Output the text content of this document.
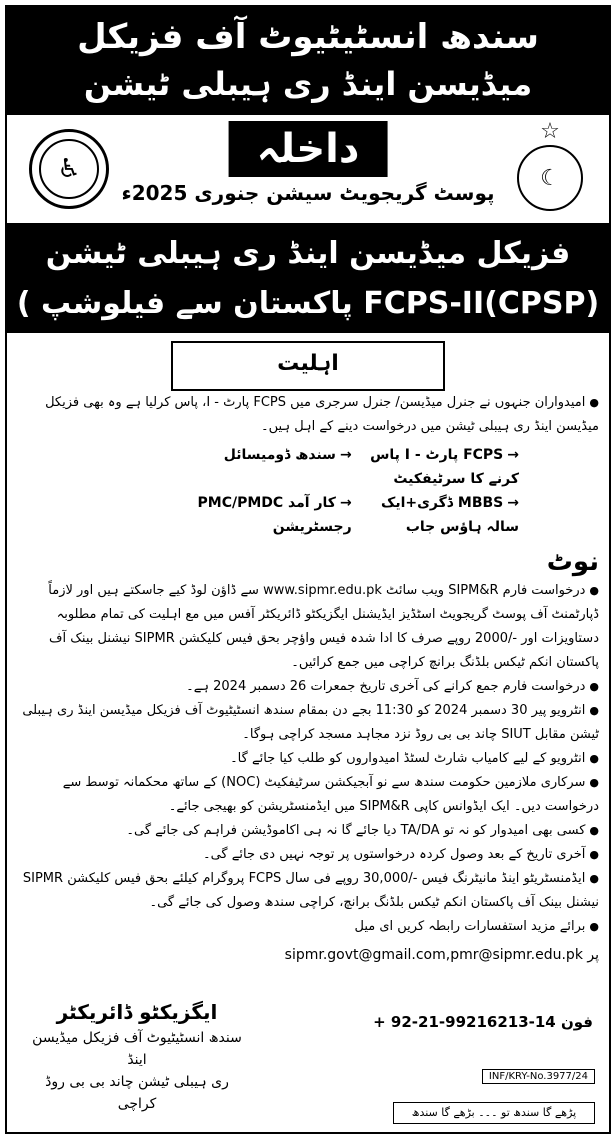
سندھ انسٹیٹیوٹ آف فزیکل
میڈیسن اینڈ ری ہیبلی ٹیشن
♿	داخلہ
پوسٹ گریجویٹ سیشن جنوری 2025ء
☆
☾
فزیکل میڈیسن اینڈ ری ہیبلی ٹیشن
(CPSP)FCPS-II پاکستان سے فیلوشپ )
اہلیت

● امیدواران جنہوں نے جنرل میڈیسن/ جنرل سرجری میں FCPS پارٹ - I، پاس کرلیا ہے وہ بھی فزیکل میڈیسن اینڈ ری ہیبلی ٹیشن میں درخواست دینے کے اہل ہیں۔

→ FCPS پارٹ - I پاس کرنے کا سرٹیفکیٹ
→ سندھ ڈومیسائل
→ MBBS ڈگری+ایک سالہ ہاؤس جاب
→ کار آمد PMC/PMDC رجسٹریشن
نوٹ

● درخواست فارم SIPM&R ویب سائٹ www.sipmr.edu.pk سے ڈاؤن لوڈ کیے جاسکتے ہیں اور لازماً ڈپارٹمنٹ آف پوسٹ گریجویٹ اسٹڈیز ایڈیشنل ایگزیکٹو ڈائریکٹر آفس میں مع اہلیت کی تمام مطلوبہ دستاویزات اور -/2000 روپے صرف کا ادا شدہ فیس واؤچر بحق فیس کلیکشن SIPMR نیشنل بینک آف پاکستان انکم ٹیکس بلڈنگ برانچ کراچی میں جمع کرائیں۔

● درخواست فارم جمع کرانے کی آخری تاریخ جمعرات 26 دسمبر 2024 ہے۔

● انٹرویو پیر 30 دسمبر 2024 کو 11:30 بجے دن بمقام سندھ انسٹیٹیوٹ آف فزیکل میڈیسن اینڈ ری ہیبلی ٹیشن مقابل SIUT چاند بی بی روڈ نزد مجاہد مسجد کراچی ہوگا۔

● انٹرویو کے لیے کامیاب شارٹ لسٹڈ امیدواروں کو طلب کیا جائے گا۔

● سرکاری ملازمین حکومت سندھ سے نو آبجیکشن سرٹیفکیٹ (NOC) کے ساتھ محکمانہ توسط سے درخواست دیں۔ ایک ایڈوانس کاپی SIPM&R میں ایڈمنسٹریشن کو بھیجی جائے۔

● کسی بھی امیدوار کو نہ تو TA/DA دیا جائے گا نہ ہی اکاموڈیشن فراہم کی جائے گی۔

● آخری تاریخ کے بعد وصول کردہ درخواستوں پر توجہ نہیں دی جائے گی۔

● ایڈمنسٹریٹو اینڈ مانیٹرنگ فیس -/30,000 روپے فی سال FCPS پروگرام کیلئے بحق فیس کلیکشن SIPMR نیشنل بینک آف پاکستان انکم ٹیکس بلڈنگ برانچ، کراچی سندھ وصول کی جائے گی۔

● برائے مزید استفسارات رابطہ کریں ای میل

sipmr.govt@gmail.com,pmr@sipmr.edu.pk پر
+ 92-21-99216213-14 فون
ایگزیکٹو ڈائریکٹر
سندھ انسٹیٹیوٹ آف فزیکل میڈیسن اینڈ
ری ہیبلی ٹیشن چاند بی بی روڈ کراچی
INF/KRY-No.3977/24
پڑھے گا سندھ تو ۔۔۔ بڑھے گا سندھ
